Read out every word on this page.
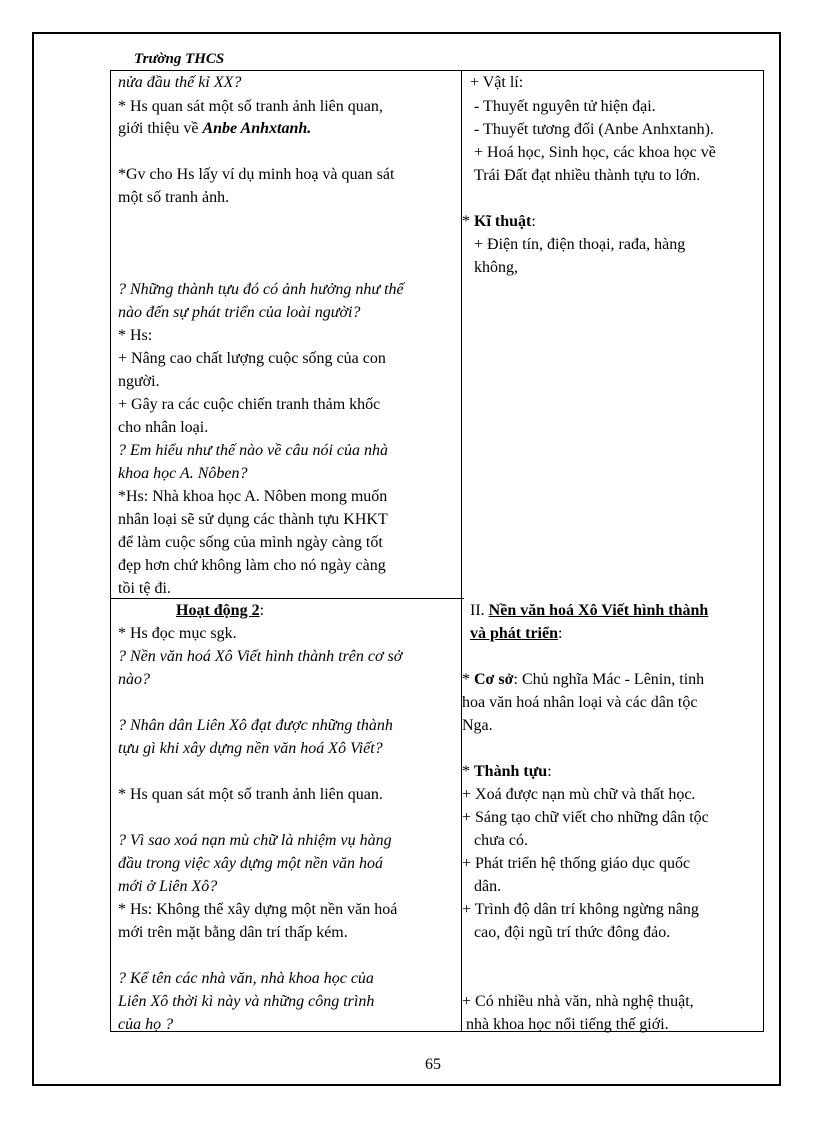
Trường THCS
nửa đầu thế kỉ XX?
* Hs quan sát một số tranh ảnh liên quan,
giới thiệu về Anbe Anhxtanh.
*Gv cho Hs lấy ví dụ minh hoạ và quan sát
một số tranh ảnh.
? Những thành tựu đó có ảnh hưởng như thế
nào đến sự phát triển của loài người?
* Hs:
+ Nâng cao chất lượng cuộc sống của con
người.
+ Gây ra các cuộc chiến tranh thảm khốc
cho nhân loại.
? Em hiểu như thế nào về câu nói của nhà
khoa học A. Nôben?
*Hs: Nhà khoa học A. Nôben mong muốn
nhân loại sẽ sử dụng các thành tựu KHKT
để làm cuộc sống của mình ngày càng tốt
đẹp hơn chứ không làm cho nó ngày càng
tồi tệ đi.
Hoạt động 2:
* Hs đọc mục sgk.
? Nền văn hoá Xô Viết hình thành trên cơ sở
nào?
? Nhân dân Liên Xô đạt được những thành
tựu gì khi xây dựng nền văn hoá Xô Viết?
* Hs quan sát một số tranh ảnh liên quan.
? Vì sao xoá nạn mù chữ là nhiệm vụ hàng
đầu trong việc xây dựng một nền văn hoá
mới ở Liên Xô?
* Hs: Không thể xây dựng một nền văn hoá
mới trên mặt bằng dân trí thấp kém.
? Kể tên các nhà văn, nhà khoa học của
Liên Xô thời kì này và những công trình
của họ ?
+ Vật lí:
- Thuyết nguyên tử hiện đại.
- Thuyết tương đối (Anbe Anhxtanh).
+ Hoá học, Sinh học, các khoa học về
Trái Đất đạt nhiều thành tựu to lớn.
* Kĩ thuật:
+ Điện tín, điện thoại, rađa, hàng
không,
II. Nền văn hoá Xô Viết hình thành
và phát triển:
* Cơ sở: Chủ nghĩa Mác - Lênin, tinh
hoa văn hoá nhân loại và các dân tộc
Nga.
* Thành tựu:
+ Xoá được nạn mù chữ và thất học.
+ Sáng tạo chữ viết cho những dân tộc
chưa có.
+ Phát triển hệ thống giáo dục quốc
dân.
+ Trình độ dân trí không ngừng nâng
cao, đội ngũ trí thức đông đảo.
+ Có nhiều nhà văn, nhà nghệ thuật,
nhà khoa học nổi tiếng thế giới.
65
